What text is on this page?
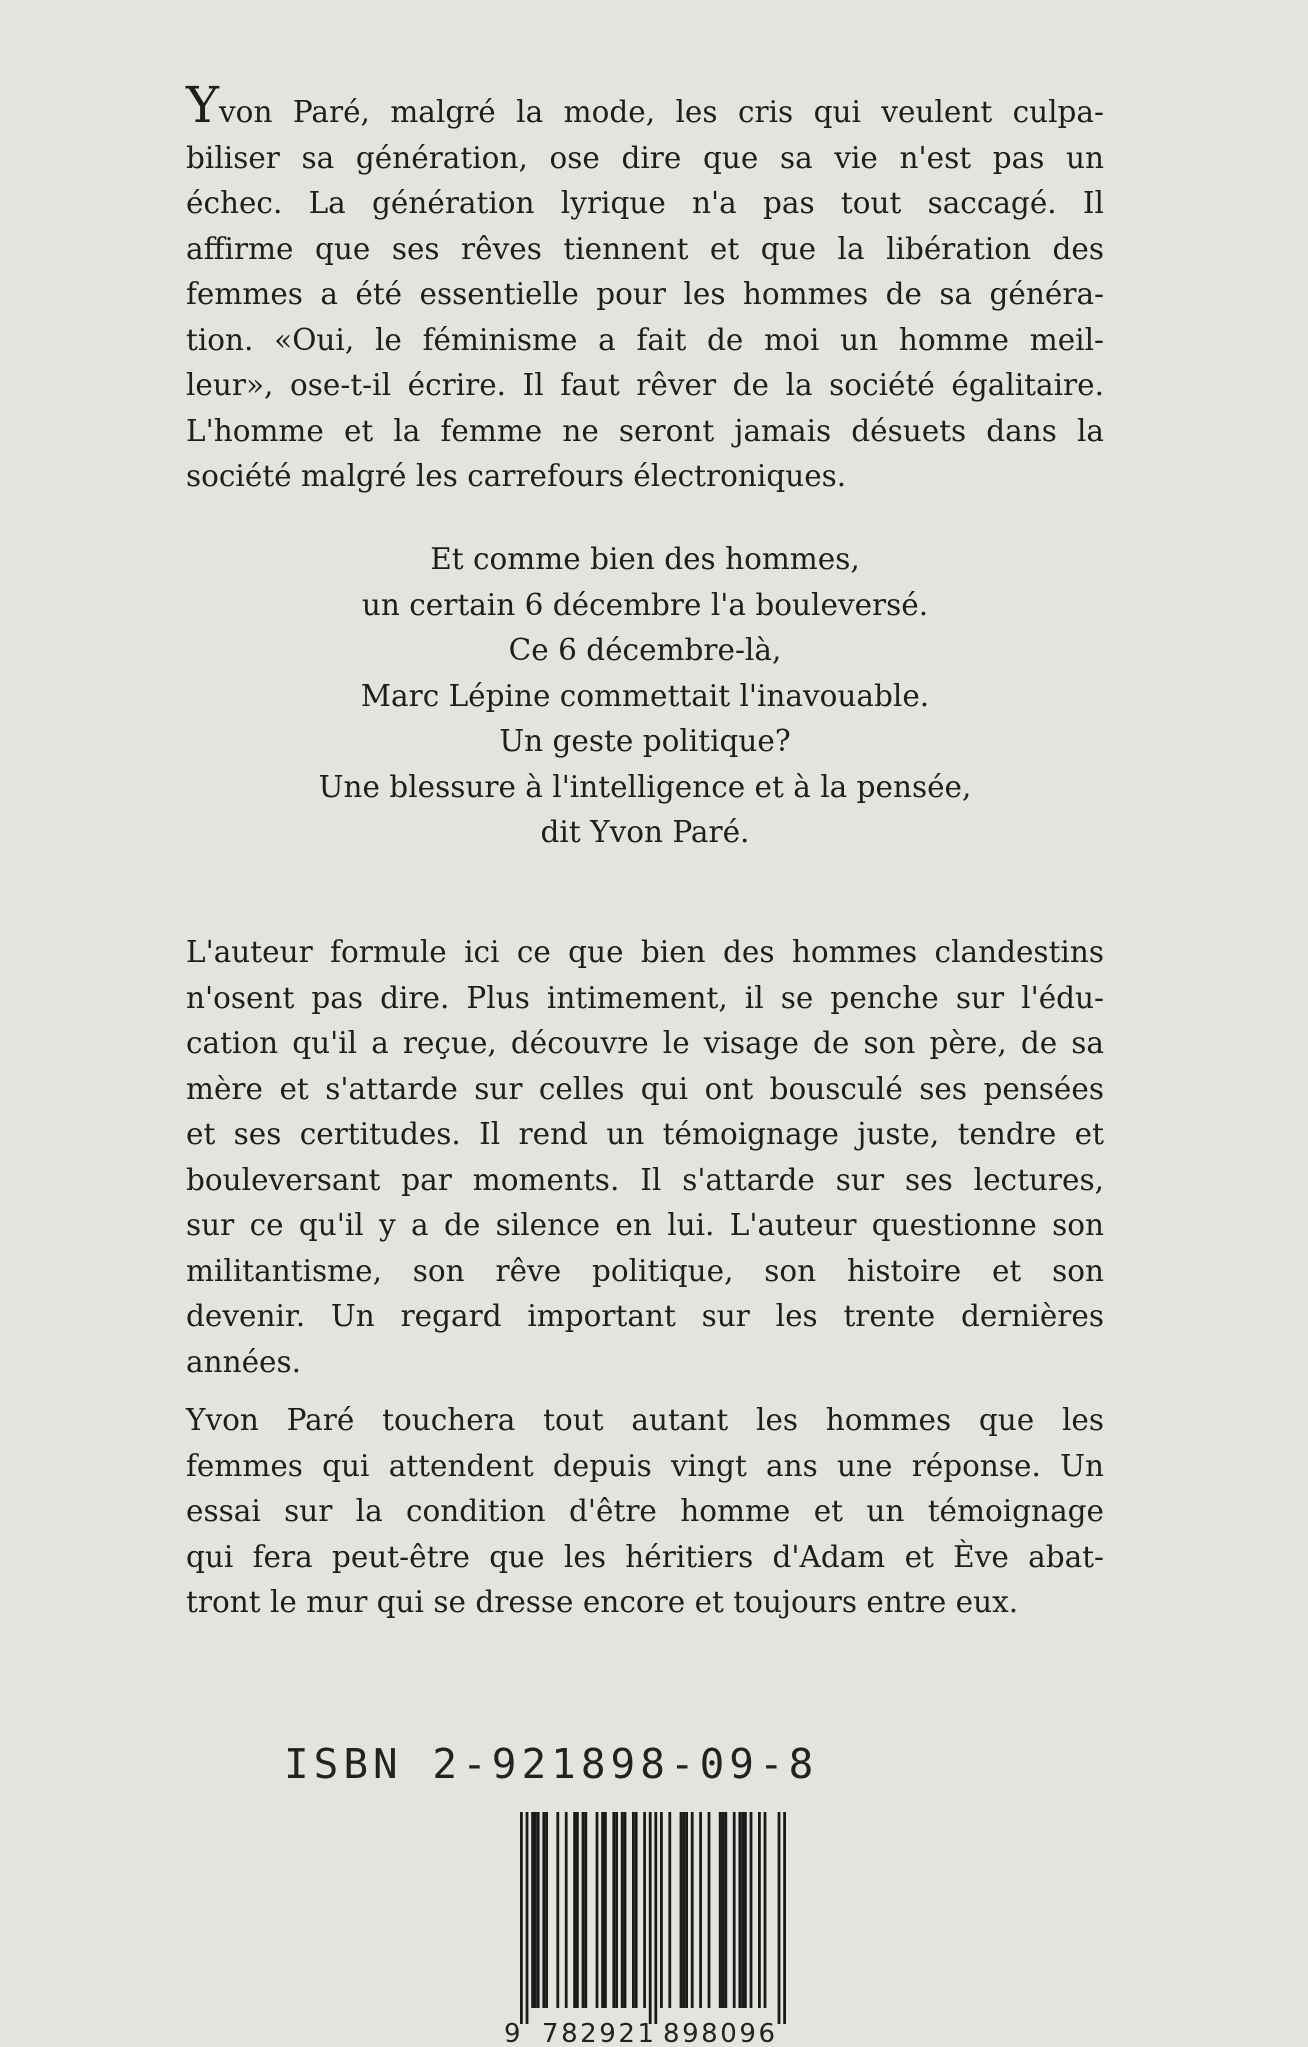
Yvon Paré, malgré la mode, les cris qui veulent culpa-
biliser sa génération, ose dire que sa vie n'est pas un
échec. La génération lyrique n'a pas tout saccagé. Il
affirme que ses rêves tiennent et que la libération des
femmes a été essentielle pour les hommes de sa généra-
tion. «Oui, le féminisme a fait de moi un homme meil-
leur», ose-t-il écrire. Il faut rêver de la société égalitaire.
L'homme et la femme ne seront jamais désuets dans la
société malgré les carrefours électroniques.
Et comme bien des hommes,
un certain 6 décembre l'a bouleversé.
Ce 6 décembre-là,
Marc Lépine commettait l'inavouable.
Un geste politique?
Une blessure à l'intelligence et à la pensée,
dit Yvon Paré.
L'auteur formule ici ce que bien des hommes clandestins
n'osent pas dire. Plus intimement, il se penche sur l'édu-
cation qu'il a reçue, découvre le visage de son père, de sa
mère et s'attarde sur celles qui ont bousculé ses pensées
et ses certitudes. Il rend un témoignage juste, tendre et
bouleversant par moments. Il s'attarde sur ses lectures,
sur ce qu'il y a de silence en lui. L'auteur questionne son
militantisme, son rêve politique, son histoire et son
devenir. Un regard important sur les trente dernières
années.
Yvon Paré touchera tout autant les hommes que les
femmes qui attendent depuis vingt ans une réponse. Un
essai sur la condition d'être homme et un témoignage
qui fera peut-être que les héritiers d'Adam et Ève abat-
tront le mur qui se dresse encore et toujours entre eux.
ISBN 2-921898-09-8
9 782921 898096
